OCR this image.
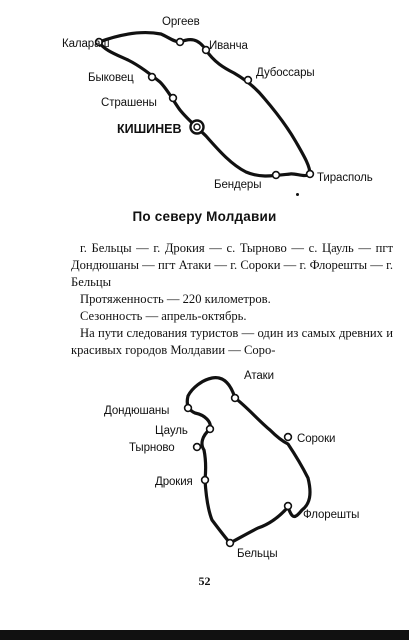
Калараш
Оргеев
Иванча
Быковец	Дубоссары
Страшены
КИШИНЕВ
Бендеры
Тирасполь
По северу Молдавии

г. Бельцы — г. Дрокия — с. Тырново — с. Цауль — пгт Дондюшаны — пгт Атаки — г. Сороки — г. Флорешты — г. Бельцы

Протяженность — 220 километров.

Сезонность — апрель-октябрь.

На пути следования туристов — один из самых древних и красивых городов Молдавии — Соро-

Атаки
Дондюшаны
Цауль
Тырново
Сороки
Дрокия
Флорешты
Бельцы
52
